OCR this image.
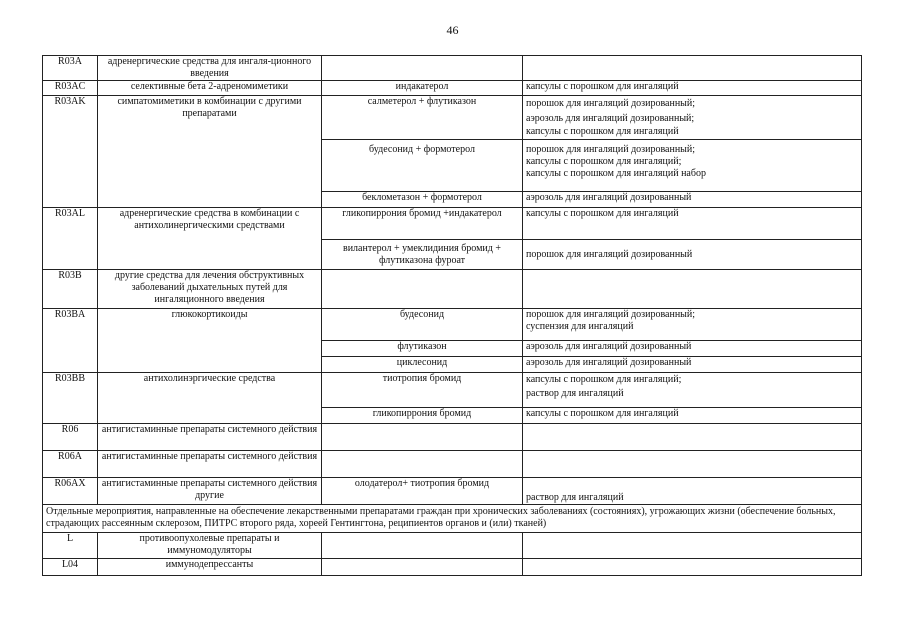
46
R03A	адренергические средства для ингаля-ционного введения		
R03AC	селективные бета 2-адреномиметики	индакатерол	капсулы с порошком для ингаляций

R03AK	симпатомиметики в комбинации с другими препаратами	салметерол + флутиказон	порошок для ингаляций дозированный;
аэрозоль для ингаляций дозированный;
капсулы с порошком для ингаляций

		будесонид + формотерол	порошок для ингаляций дозированный;
капсулы с порошком для ингаляций;
капсулы с порошком для ингаляций набор

		беклометазон + формотерол	аэрозоль для ингаляций дозированный

R03AL	адренергические средства в комбинации с антихолинергическими средствами	гликопиррония бромид +индакатерол	капсулы с порошком для ингаляций

		вилантерол + умеклидиния бромид + флутиказона фуроат	порошок для ингаляций дозированный

R03B	другие средства для лечения обструктивных заболеваний дыхательных путей для ингаляционного введения		
R03BA	глюкокортикоиды	будесонид	порошок для ингаляций дозированный;
суспензия для ингаляций

		флутиказон	аэрозоль для ингаляций дозированный

		циклесонид	аэрозоль для ингаляций дозированный

R03BB	антихолинэргические средства	тиотропия бромид	капсулы с порошком для ингаляций;
раствор для ингаляций

		гликопиррония бромид	капсулы с порошком для ингаляций

R06	антигистаминные препараты системного действия		
R06A	антигистаминные препараты системного действия		
R06AX	антигистаминные препараты системного действия другие	олодатерол+ тиотропия бромид	раствор для ингаляций

Отдельные мероприятия, направленные на обеспечение лекарственными препаратами граждан при хронических заболеваниях (состояниях), угрожающих жизни (обеспечение больных, страдающих рассеянным склерозом, ПИТРС второго ряда, хореей Гентингтона, реципиентов органов и (или) тканей)			
L	противоопухолевые препараты и иммуномодуляторы		
L04	иммунодепрессанты		
